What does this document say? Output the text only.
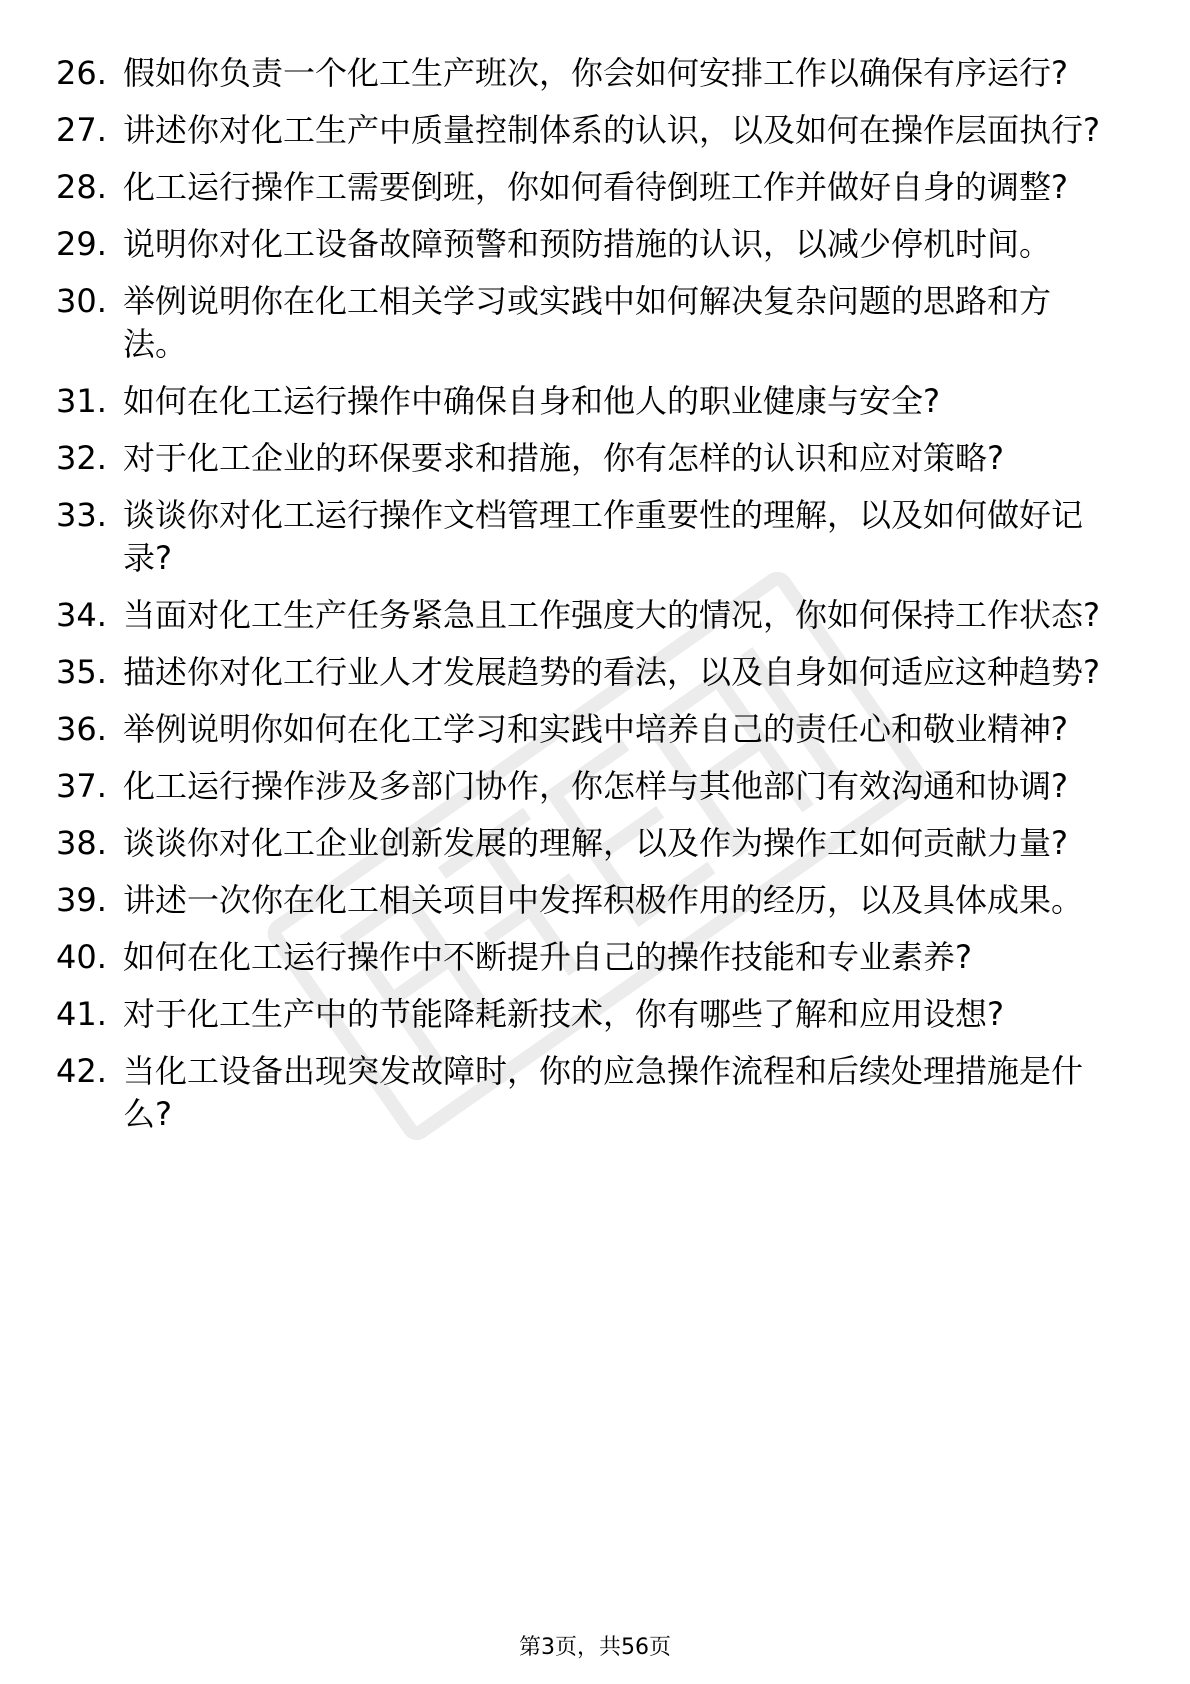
26. 假如你负责一个化工生产班次，你会如何安排工作以确保有序运行?
27. 讲述你对化工生产中质量控制体系的认识，以及如何在操作层面执行?
28. 化工运行操作工需要倒班，你如何看待倒班工作并做好自身的调整?
29. 说明你对化工设备故障预警和预防措施的认识，以减少停机时间。
30. 举例说明你在化工相关学习或实践中如何解决复杂问题的思路和方法。
31. 如何在化工运行操作中确保自身和他人的职业健康与安全?
32. 对于化工企业的环保要求和措施，你有怎样的认识和应对策略?
33. 谈谈你对化工运行操作文档管理工作重要性的理解，以及如何做好记录?
34. 当面对化工生产任务紧急且工作强度大的情况，你如何保持工作状态?
35. 描述你对化工行业人才发展趋势的看法，以及自身如何适应这种趋势?
36. 举例说明你如何在化工学习和实践中培养自己的责任心和敬业精神?
37. 化工运行操作涉及多部门协作，你怎样与其他部门有效沟通和协调?
38. 谈谈你对化工企业创新发展的理解，以及作为操作工如何贡献力量?
39. 讲述一次你在化工相关项目中发挥积极作用的经历，以及具体成果。
40. 如何在化工运行操作中不断提升自己的操作技能和专业素养?
41. 对于化工生产中的节能降耗新技术，你有哪些了解和应用设想?
42. 当化工设备出现突发故障时，你的应急操作流程和后续处理措施是什么?
第3页，共56页
